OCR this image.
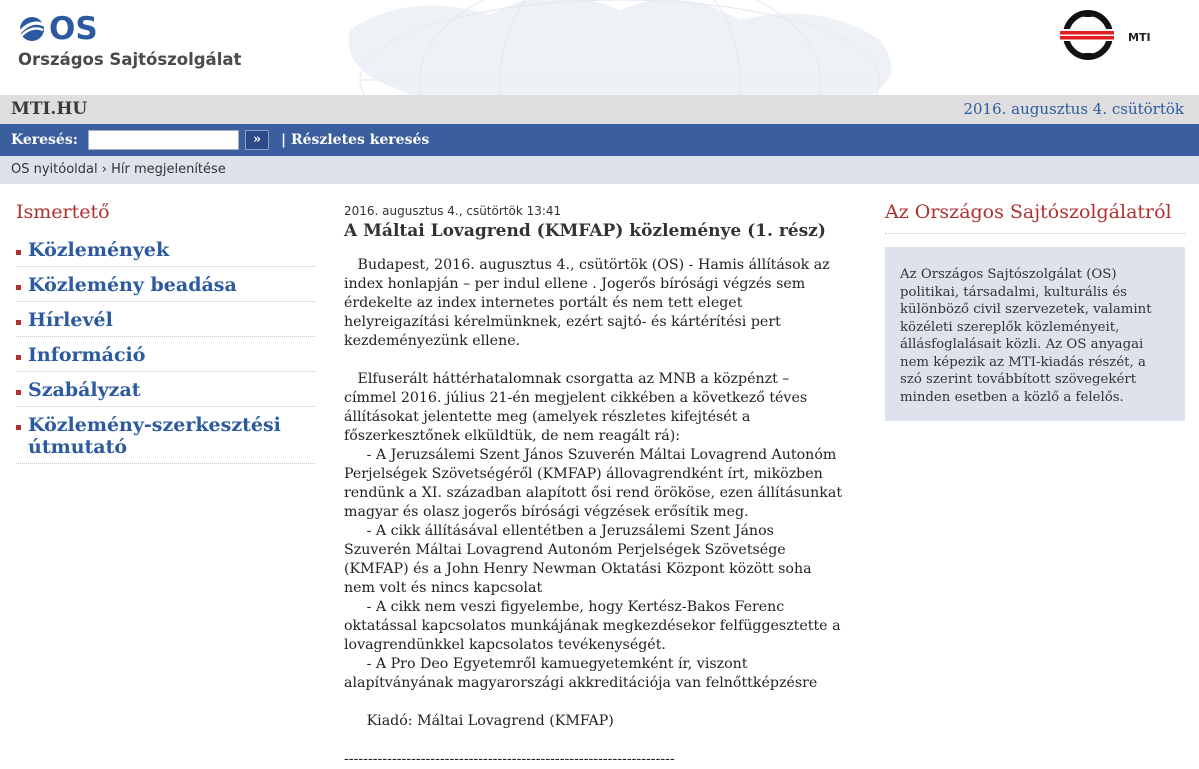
OS
Országos Sajtószolgálat
MTI
MTI.HU	2016. augusztus 4. csütörtök
Keresés:	»	| Részletes keresés
OS nyitóoldal › Hír megjelenítése
Ismertető
Közlemények
Közlemény beadása
Hírlevél
Információ
Szabályzat
Közlemény-szerkesztési útmutató
2016. augusztus 4., csütörtök 13:41
A Máltai Lovagrend (KMFAP) közleménye (1. rész)

Budapest, 2016. augusztus 4., csütörtök (OS) - Hamis állítások az index honlapján – per indul ellene . Jogerős bírósági végzés sem érdekelte az index internetes portált és nem tett eleget helyreigazítási kérelmünknek, ezért sajtó- és kártérítési pert kezdeményezünk ellene.

Elfuserált háttérhatalomnak csorgatta az MNB a közpénzt – címmel 2016. július 21-én megjelent cikkében a következő téves állításokat jelentette meg (amelyek részletes kifejtését a főszerkesztőnek elküldtük, de nem reagált rá):

- A Jeruzsálemi Szent János Szuverén Máltai Lovagrend Autonóm Perjelségek Szövetségéről (KMFAP) állovagrendként írt, miközben rendünk a XI. században alapított ősi rend örököse, ezen állításunkat magyar és olasz jogerős bírósági végzések erősítik meg.

- A cikk állításával ellentétben a Jeruzsálemi Szent János Szuverén Máltai Lovagrend Autonóm Perjelségek Szövetsége (KMFAP) és a John Henry Newman Oktatási Központ között soha nem volt és nincs kapcsolat

- A cikk nem veszi figyelembe, hogy Kertész-Bakos Ferenc oktatással kapcsolatos munkájának megkezdésekor felfüggesztette a lovagrendünkkel kapcsolatos tevékenységét.

- A Pro Deo Egyetemről kamuegyetemként ír, viszont alapítványának magyarországi akkreditációja van felnőttképzésre

Kiadó: Máltai Lovagrend (KMFAP)

---------------------------------------------------------------------

Az Országos Sajtószolgálatról
Az Országos Sajtószolgálat (OS) politikai, társadalmi, kulturális és különböző civil szervezetek, valamint közéleti szereplők közleményeit, állásfoglalásait közli. Az OS anyagai nem képezik az MTI-kiadás részét, a szó szerint továbbított szövegekért minden esetben a közlő a felelős.
